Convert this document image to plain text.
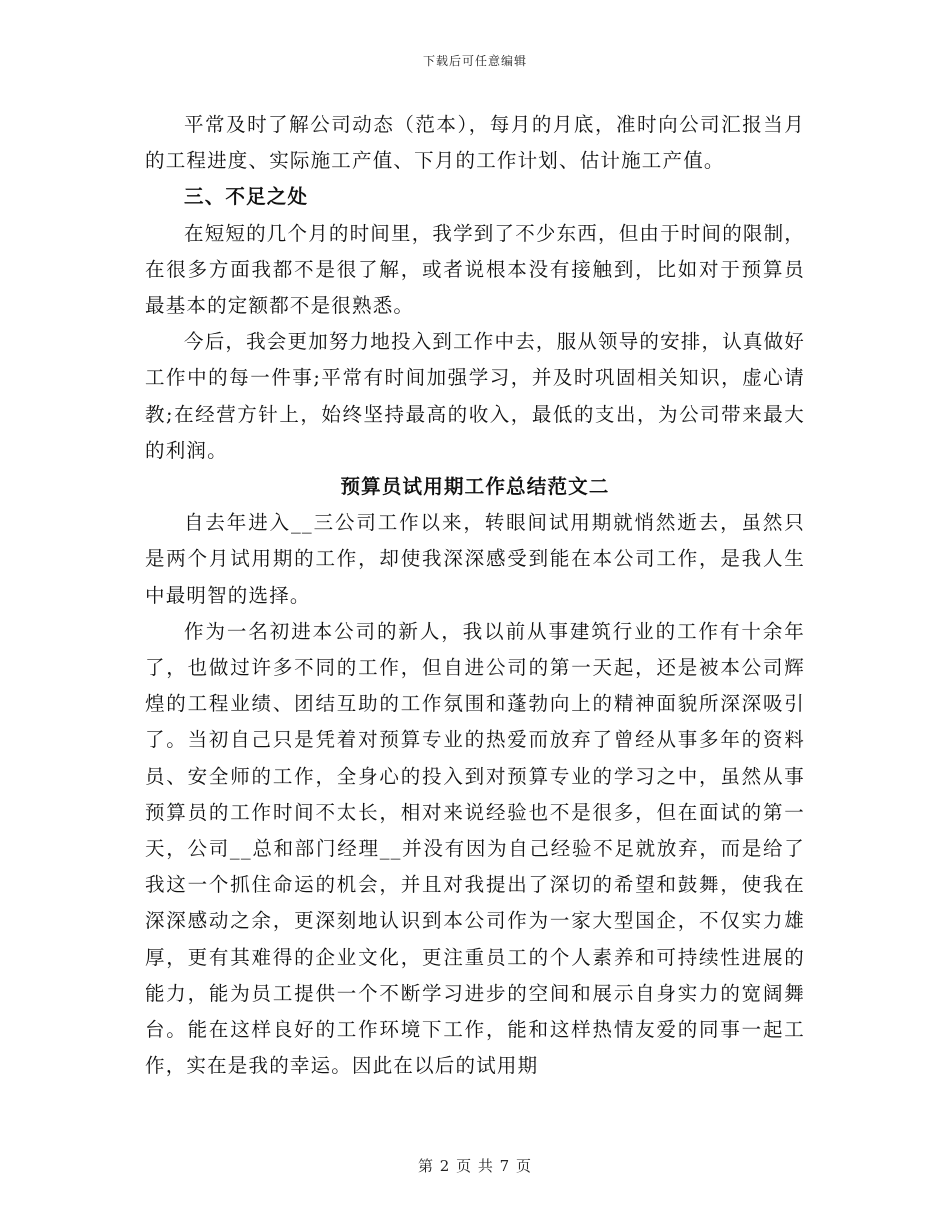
下载后可任意编辑

平常及时了解公司动态（范本），每月的月底，准时向公司汇报当月的工程进度、实际施工产值、下月的工作计划、估计施工产值。

三、不足之处

在短短的几个月的时间里，我学到了不少东西，但由于时间的限制，在很多方面我都不是很了解，或者说根本没有接触到，比如对于预算员最基本的定额都不是很熟悉。

今后，我会更加努力地投入到工作中去，服从领导的安排，认真做好工作中的每一件事;平常有时间加强学习，并及时巩固相关知识，虚心请教;在经营方针上，始终坚持最高的收入，最低的支出，为公司带来最大的利润。

预算员试用期工作总结范文二

自去年进入__三公司工作以来，转眼间试用期就悄然逝去，虽然只是两个月试用期的工作，却使我深深感受到能在本公司工作，是我人生中最明智的选择。

作为一名初进本公司的新人，我以前从事建筑行业的工作有十余年了，也做过许多不同的工作，但自进公司的第一天起，还是被本公司辉煌的工程业绩、团结互助的工作氛围和蓬勃向上的精神面貌所深深吸引了。当初自己只是凭着对预算专业的热爱而放弃了曾经从事多年的资料员、安全师的工作，全身心的投入到对预算专业的学习之中，虽然从事预算员的工作时间不太长，相对来说经验也不是很多，但在面试的第一天，公司__总和部门经理__并没有因为自己经验不足就放弃，而是给了我这一个抓住命运的机会，并且对我提出了深切的希望和鼓舞，使我在深深感动之余，更深刻地认识到本公司作为一家大型国企，不仅实力雄厚，更有其难得的企业文化，更注重员工的个人素养和可持续性进展的能力，能为员工提供一个不断学习进步的空间和展示自身实力的宽阔舞台。能在这样良好的工作环境下工作，能和这样热情友爱的同事一起工作，实在是我的幸运。因此在以后的试用期

第 2 页 共 7 页
